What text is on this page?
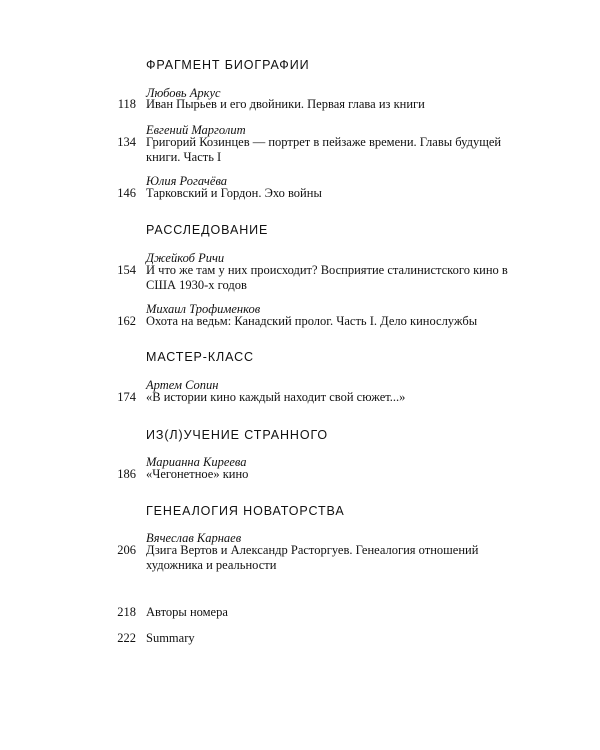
ФРАГМЕНТ БИОГРАФИИ
Любовь Аркус
118 Иван Пырьев и его двойники. Первая глава из книги
Евгений Марголит
134 Григорий Козинцев — портрет в пейзаже времени. Главы будущей книги. Часть I
Юлия Рогачёва
146 Тарковский и Гордон. Эхо войны
РАССЛЕДОВАНИЕ
Джейкоб Ричи
154 И что же там у них происходит? Восприятие сталинистского кино в США 1930-х годов
Михаил Трофименков
162 Охота на ведьм: Канадский пролог. Часть I. Дело кинослужбы
МАСТЕР-КЛАСС
Артем Сопин
174 «В истории кино каждый находит свой сюжет...»
ИЗ(Л)УЧЕНИЕ СТРАННОГО
Марианна Киреева
186 «Чегонетное» кино
ГЕНЕАЛОГИЯ НОВАТОРСТВА
Вячеслав Карнаев
206 Дзига Вертов и Александр Расторгуев. Генеалогия отношений художника и реальности
218 Авторы номера
222 Summary
